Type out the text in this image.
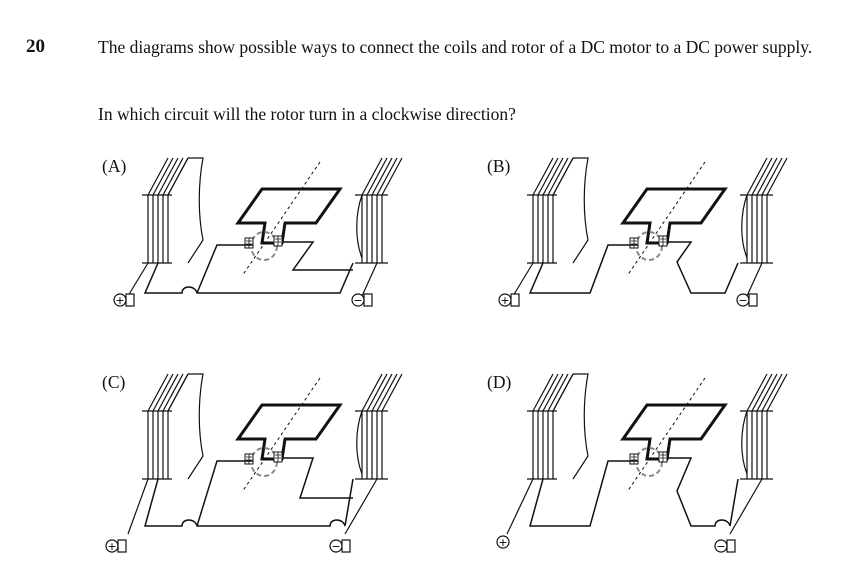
20	The diagrams show possible ways to connect the coils and rotor of a DC motor to a DC power supply.

In which circuit will the rotor turn in a clockwise direction?

(A)	(B)
(C)	(D)
+	−	+	−
+	−	+	−
